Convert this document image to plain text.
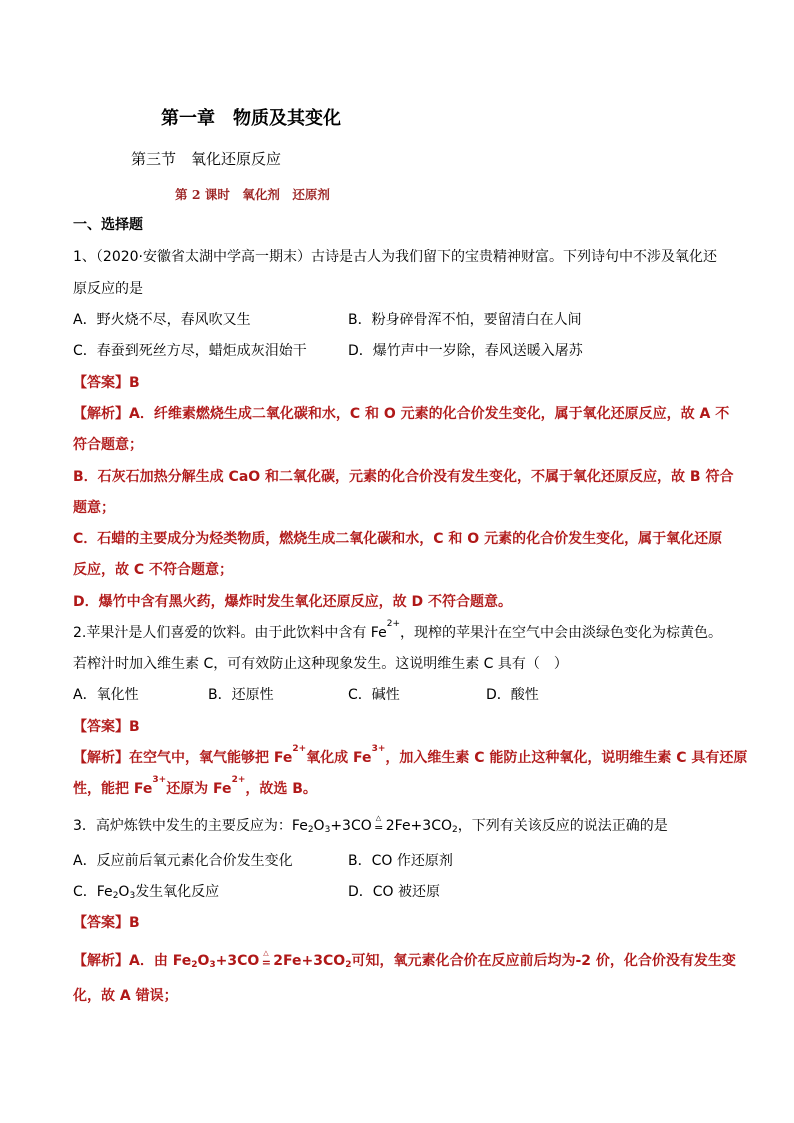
第一章　物质及其变化
第三节　氧化还原反应
第 2 课时　氧化剂　还原剂
一、选择题
1、（2020·安徽省太湖中学高一期末）古诗是古人为我们留下的宝贵精神财富。下列诗句中不涉及氧化还
原反应的是
A．野火烧不尽，春风吹又生	B．粉身碎骨浑不怕，要留清白在人间
C．春蚕到死丝方尽，蜡炬成灰泪始干	D．爆竹声中一岁除，春风送暖入屠苏
【答案】B
【解析】A．纤维素燃烧生成二氧化碳和水，C 和 O 元素的化合价发生变化，属于氧化还原反应，故 A 不
符合题意；
B．石灰石加热分解生成 CaO 和二氧化碳，元素的化合价没有发生变化，不属于氧化还原反应，故 B 符合
题意；
C．石蜡的主要成分为烃类物质，燃烧生成二氧化碳和水，C 和 O 元素的化合价发生变化，属于氧化还原
反应，故 C 不符合题意；
D．爆竹中含有黑火药，爆炸时发生氧化还原反应，故 D 不符合题意。
2.苹果汁是人们喜爱的饮料。由于此饮料中含有 $Fe^{2+}$，现榨的苹果汁在空气中会由淡绿色变化为棕黄色。
若榨汁时加入维生素 C，可有效防止这种现象发生。这说明维生素 C 具有（　）
A．氧化性	B．还原性	C．碱性	D．酸性
【答案】B
【解析】在空气中，氧气能够把 $Fe^{2+}$氧化成 $Fe^{3+}$，加入维生素 C 能防止这种氧化，说明维生素 C 具有还原
性，能把 $Fe^{3+}$还原为 $Fe^{2+}$，故选 B。
3．高炉炼铁中发生的主要反应为：Fe2O3+3CO △
= 2Fe+3CO2，下列有关该反应的说法正确的是
A．反应前后氧元素化合价发生变化	B．CO 作还原剂
C．Fe2O3发生氧化反应	D．CO 被还原
【答案】B
【解析】A．由 Fe2O3+3CO △
= 2Fe+3CO2可知，氧元素化合价在反应前后均为-2 价，化合价没有发生变
化，故 A 错误；
